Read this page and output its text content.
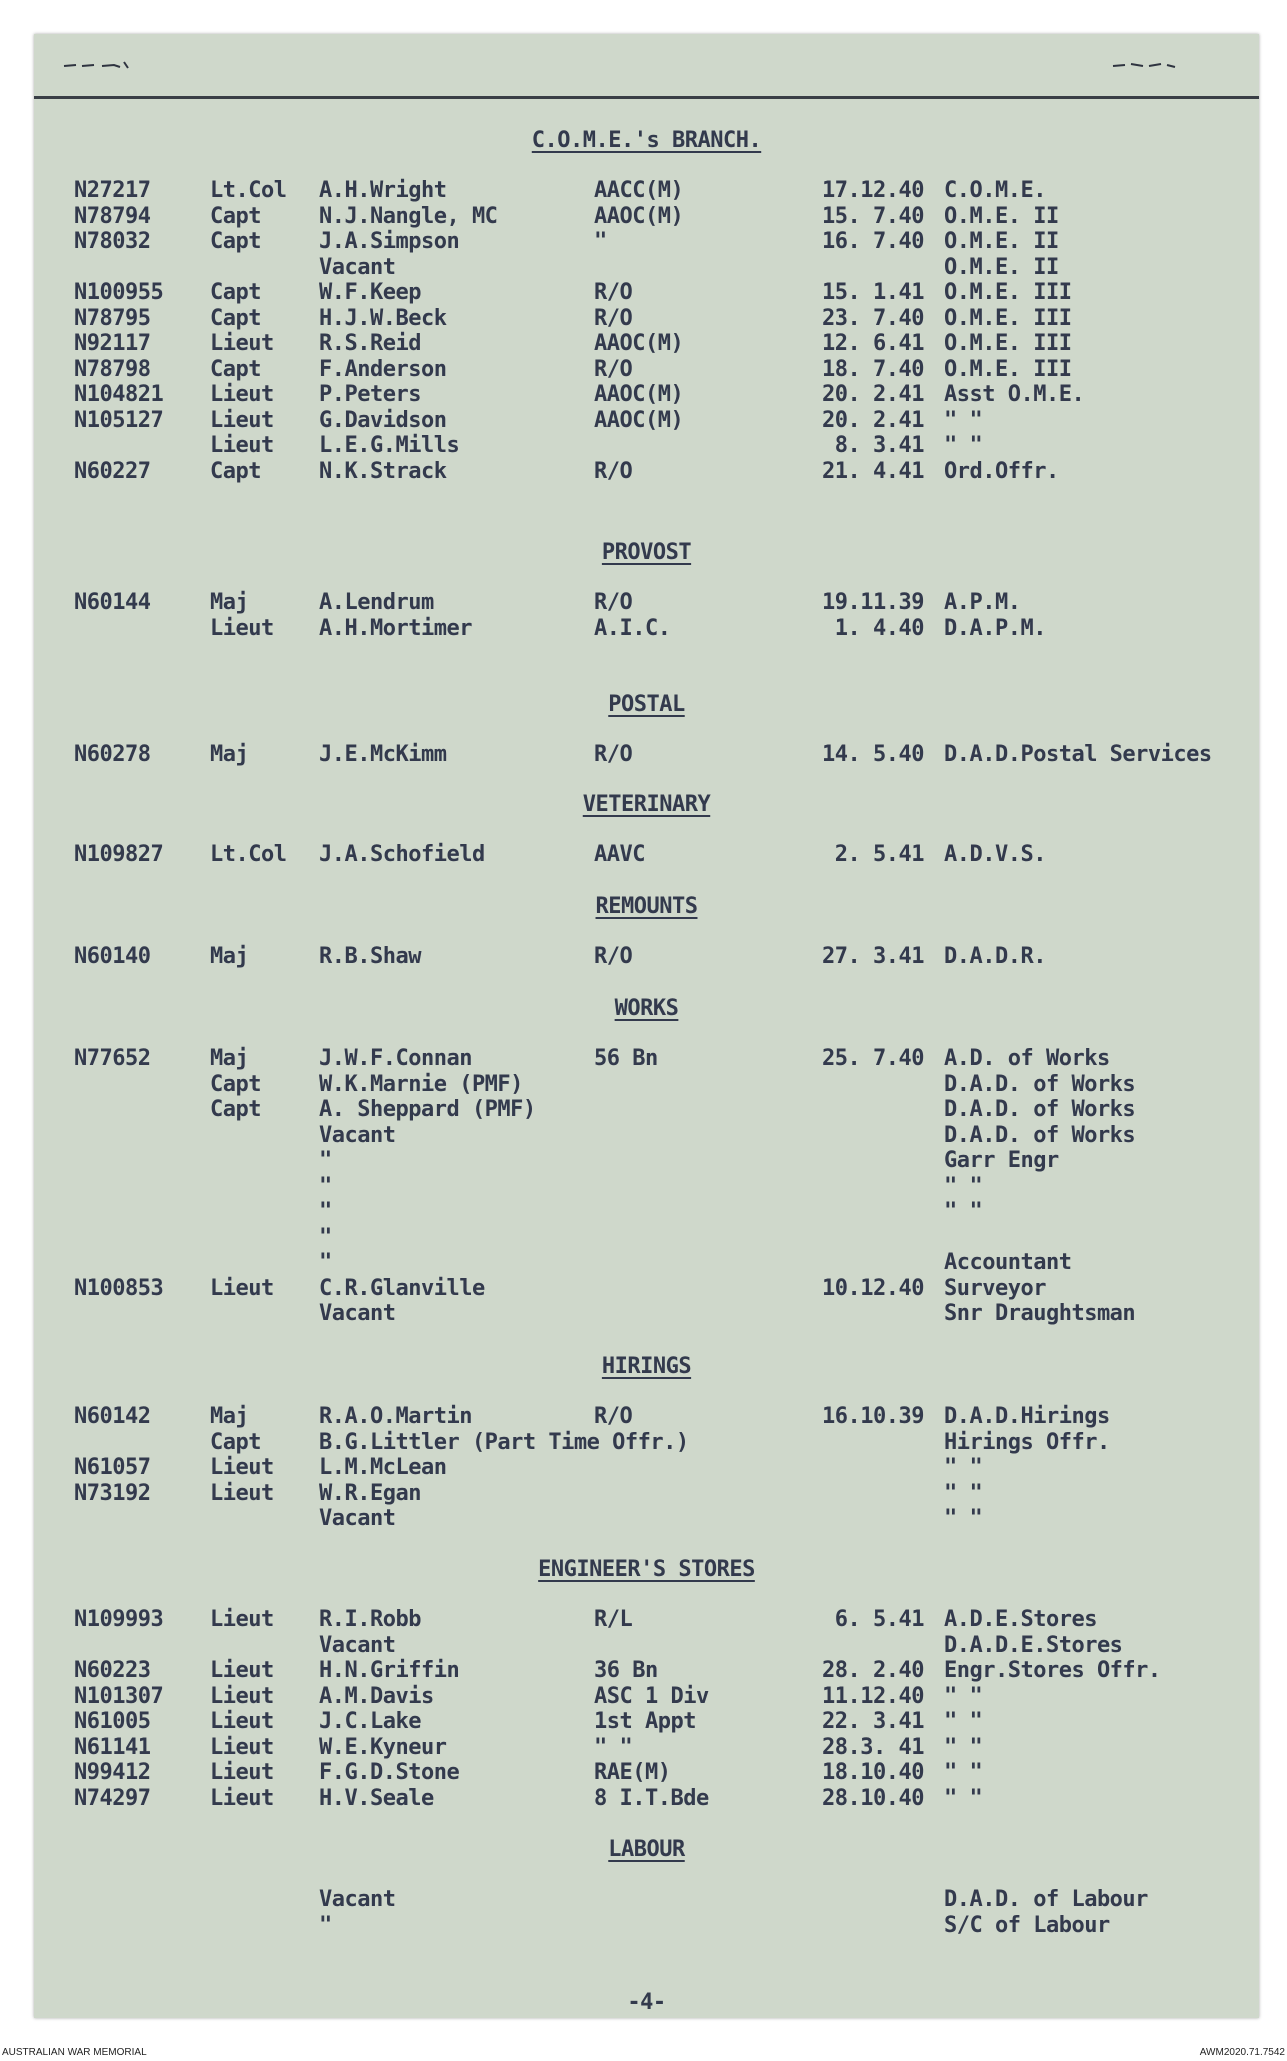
C.O.M.E.'s BRANCH.
N27217	Lt.Col A.H.Wright	AACC(M)	17.12.40 C.O.M.E.
N78794	Capt	N.J.Nangle, MC	AAOC(M)	15. 7.40 O.M.E. II
N78032	Capt	J.A.Simpson	"	16. 7.40 O.M.E. II
Vacant	O.M.E. II
N100955 Capt	W.F.Keep	R/O	15. 1.41 O.M.E. III
N78795	Capt	H.J.W.Beck	R/O	23. 7.40 O.M.E. III
N92117	Lieut R.S.Reid	AAOC(M)	12. 6.41 O.M.E. III
N78798	Capt	F.Anderson	R/O	18. 7.40 O.M.E. III
N104821 Lieut P.Peters	AAOC(M)	20. 2.41 Asst O.M.E.
N105127 Lieut G.Davidson	AAOC(M)	20. 2.41 " "
Lieut L.E.G.Mills	8. 3.41 " "
N60227	Capt	N.K.Strack	R/O	21. 4.41 Ord.Offr.
PROVOST
N60144	Maj	A.Lendrum	R/O	19.11.39 A.P.M.
Lieut A.H.Mortimer	A.I.C.	1. 4.40 D.A.P.M.
POSTAL
N60278	Maj	J.E.McKimm	R/O	14. 5.40 D.A.D.Postal Services
VETERINARY
N109827 Lt.Col J.A.Schofield	AAVC	2. 5.41 A.D.V.S.
REMOUNTS
N60140	Maj	R.B.Shaw	R/O	27. 3.41 D.A.D.R.
WORKS
N77652	Maj	J.W.F.Connan	56 Bn	25. 7.40 A.D. of Works
Capt	W.K.Marnie (PMF)	D.A.D. of Works
Capt	A. Sheppard (PMF)	D.A.D. of Works
Vacant	D.A.D. of Works
"	Garr Engr
"	" "
"	" "
"
"	Accountant
N100853 Lieut C.R.Glanville	10.12.40 Surveyor
Vacant	Snr Draughtsman
HIRINGS
N60142	Maj	R.A.O.Martin	R/O	16.10.39 D.A.D.Hirings
Capt	B.G.Littler (Part Time Offr.)	Hirings Offr.
N61057	Lieut L.M.McLean	" "
N73192	Lieut W.R.Egan	" "
Vacant	" "
ENGINEER'S STORES
N109993 Lieut R.I.Robb	R/L	6. 5.41 A.D.E.Stores
Vacant	D.A.D.E.Stores
N60223	Lieut H.N.Griffin	36 Bn	28. 2.40 Engr.Stores Offr.
N101307 Lieut A.M.Davis	ASC 1 Div	11.12.40 " "
N61005	Lieut J.C.Lake	1st Appt	22. 3.41 " "
N61141	Lieut W.E.Kyneur	" "	28.3. 41 " "
N99412	Lieut F.G.D.Stone	RAE(M)	18.10.40 " "
N74297	Lieut H.V.Seale	8 I.T.Bde	28.10.40 " "
LABOUR
Vacant	D.A.D. of Labour
"	S/C of Labour
-4-
AUSTRALIAN WAR MEMORIAL	AWM2020.71.7542
